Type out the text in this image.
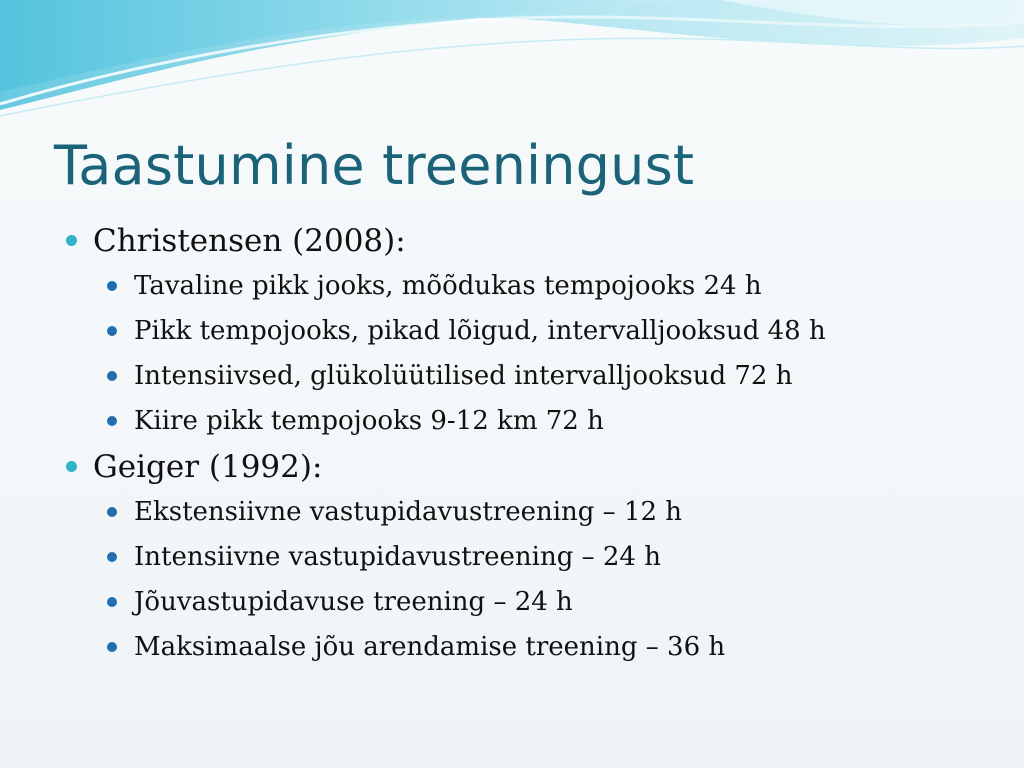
Taastumine treeningust
Christensen (2008):
Tavaline pikk jooks, mõõdukas tempojooks 24 h
Pikk tempojooks, pikad lõigud, intervalljooksud 48 h
Intensiivsed, glükolüütilised intervalljooksud 72 h
Kiire pikk tempojooks 9-12 km 72 h
Geiger (1992):
Ekstensiivne vastupidavustreening – 12 h
Intensiivne vastupidavustreening – 24 h
Jõuvastupidavuse treening – 24 h
Maksimaalse jõu arendamise treening – 36 h
